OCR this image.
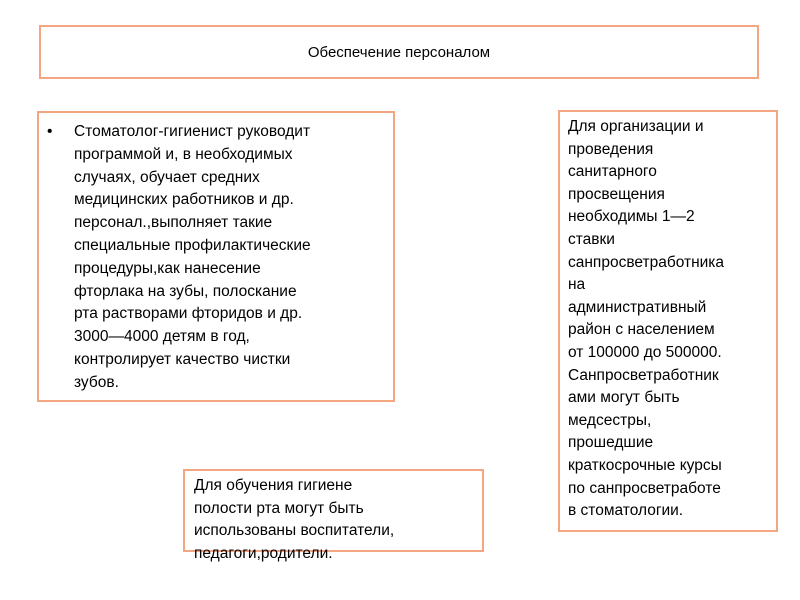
Обеспечение персоналом
• Стоматолог-гигиенист руководит
программой и, в необходимых
случаях, обучает средних
медицинских работников и др.
персонал.,выполняет такие
специальные профилактические
процедуры,как нанесение
фторлака на зубы, полоскание
рта растворами фторидов и др.
3000—4000 детям в год,
контролирует качество чистки
зубов.
Для организации и
проведения
санитарного
просвещения
необходимы 1—2
ставки
санпросветработника
на
административный
район с населением
от 100000 до 500000.
Санпросветработник
ами могут быть
медсестры,
прошедшие
краткосрочные курсы
по санпросветработе
в стоматологии.
Для обучения гигиене
полости рта могут быть
использованы воспитатели,
педагоги,родители.
